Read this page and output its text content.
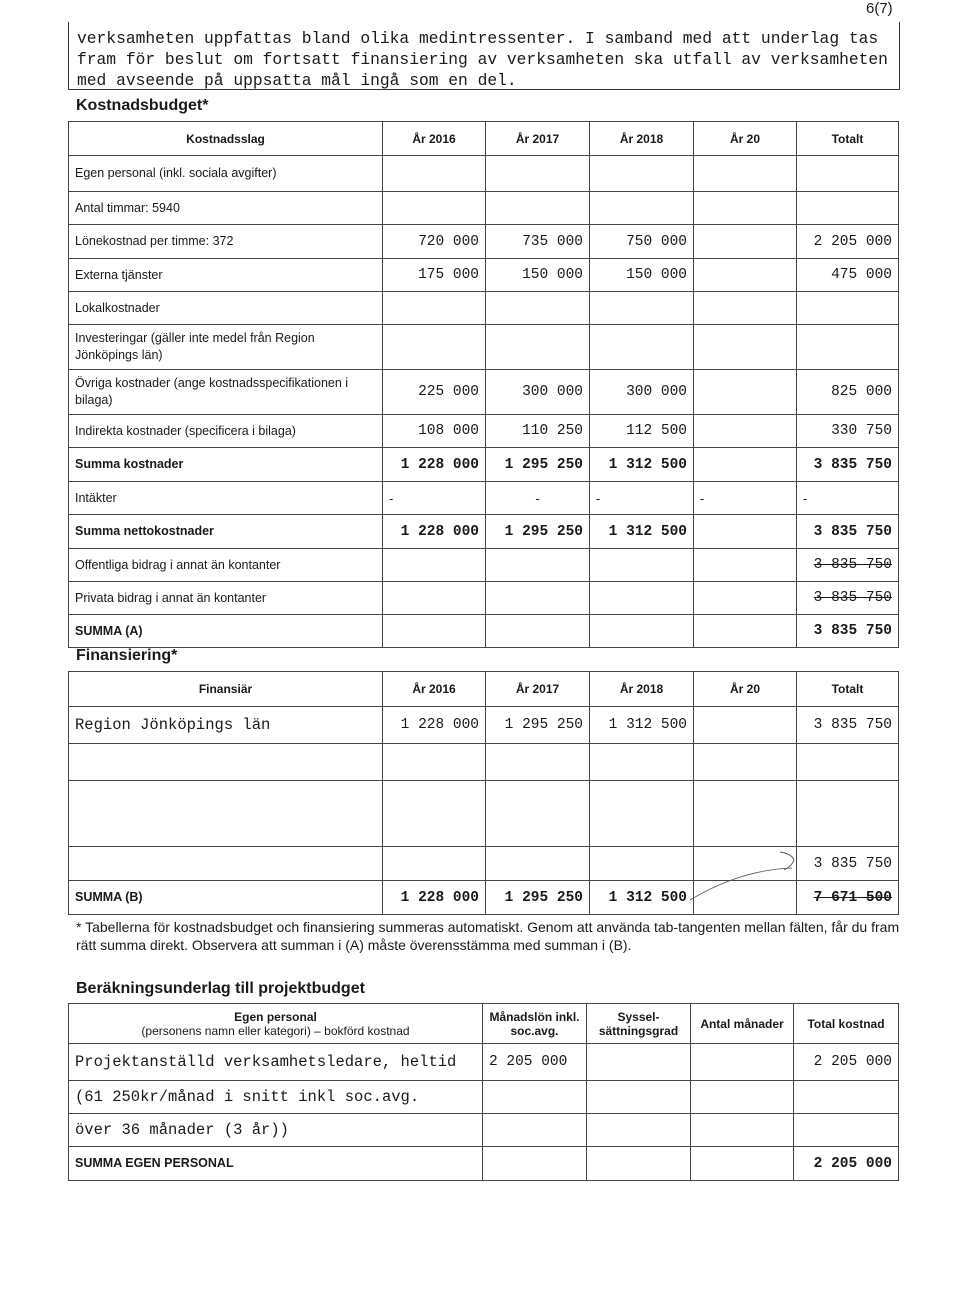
6(7)
verksamheten uppfattas bland olika medintressenter. I samband med att underlag tas
fram för beslut om fortsatt finansiering av verksamheten ska utfall av verksamheten
med avseende på uppsatta mål ingå som en del.
Kostnadsbudget*
Kostnadsslag	År 2016	År 2017	År 2018	År 20	Totalt
Egen personal (inkl. sociala avgifter)					
Antal timmar: 5940					
Lönekostnad per timme: 372	720 000	735 000	750 000		2 205 000
Externa tjänster	175 000	150 000	150 000		475 000
Lokalkostnader					
Investeringar (gäller inte medel från Region Jönköpings län)					
Övriga kostnader (ange kostnadsspecifikationen i bilaga)	225 000	300 000	300 000		825 000
Indirekta kostnader (specificera i bilaga)	108 000	110 250	112 500		330 750
Summa kostnader	1 228 000	1 295 250	1 312 500		3 835 750
Intäkter	-	-	-	-	-
Summa nettokostnader	1 228 000	1 295 250	1 312 500		3 835 750
Offentliga bidrag i annat än kontanter					3 835 750
Privata bidrag i annat än kontanter					3 835 750
SUMMA (A)					3 835 750
Finansiering*
Finansiär	År 2016	År 2017	År 2018	År 20	Totalt
Region Jönköpings län	1 228 000	1 295 250	1 312 500		3 835 750

					3 835 750
SUMMA (B)	1 228 000	1 295 250	1 312 500		7 671 500
* Tabellerna för kostnadsbudget och finansiering summeras automatiskt. Genom att använda tab-tangenten mellan fälten, får du fram rätt summa direkt. Observera att summan i (A) måste överensstämma med summan i (B).
Beräkningsunderlag till projektbudget
Egen personal
(personens namn eller kategori) – bokförd kostnad	Månadslön inkl. soc.avg.	Syssel-sättningsgrad	Antal månader	Total kostnad
Projektanställd verksamhetsledare, heltid	2 205 000			2 205 000
(61 250kr/månad i snitt inkl soc.avg.				
över 36 månader (3 år))				
SUMMA EGEN PERSONAL				2 205 000
